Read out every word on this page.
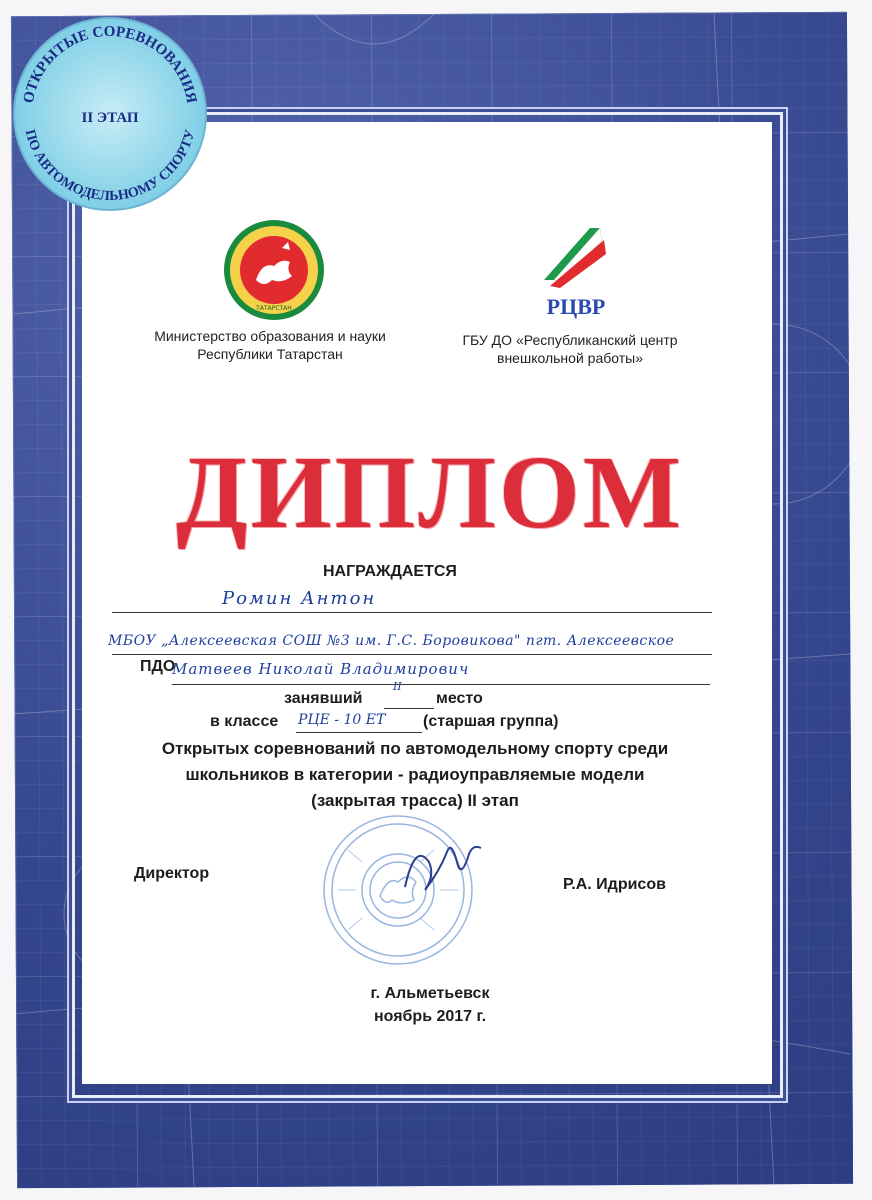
ОТКРЫТЫЕ СОРЕВНОВАНИЯ
II ЭТАП
ПО АВТОМОДЕЛЬНОМУ СПОРТУ
ТАТАРСТАН	РЦВР
Министерство образования и науки
Республики Татарстан
ГБУ ДО «Республиканский центр
внешкольной работы»
ДИПЛОМ
НАГРАЖДАЕТСЯ
Ромин Антон
МБОУ „Алексеевская СОШ №3 им. Г.С. Боровикова" пгт. Алексеевское
ПДО
Матвеев Николай Владимирович
занявший
II
место
в классе РЦЕ - 10 ЕТ (старшая группа)
Открытых соревнований по автомодельному спорту среди
школьников в категории - радиоуправляемые модели
(закрытая трасса) II этап
Директор
Р.А. Идрисов
г. Альметьевск
ноябрь 2017 г.
